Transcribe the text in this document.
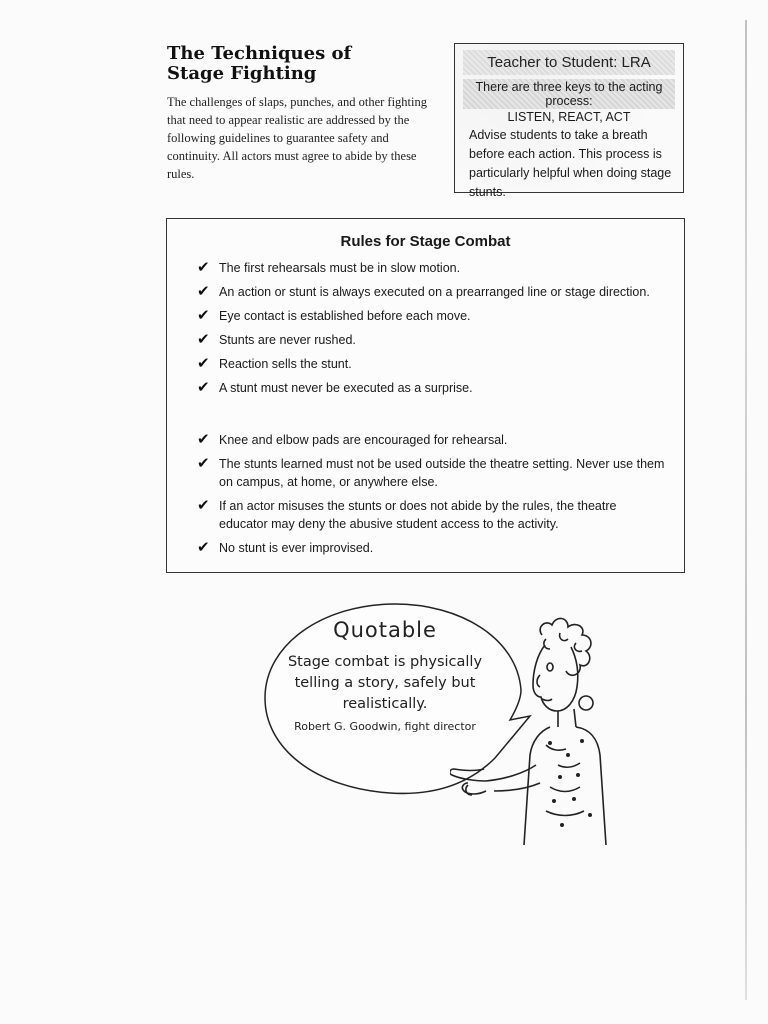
The Techniques of
Stage Fighting

The challenges of slaps, punches, and other fighting that need to appear realistic are addressed by the following guidelines to guarantee safety and continuity. All actors must agree to abide by these rules.

Teacher to Student: LRA
There are three keys to the acting process:
LISTEN, REACT, ACT
Advise students to take a breath before each action. This process is particularly helpful when doing stage stunts.
Rules for Stage Combat
✔ The first rehearsals must be in slow motion.
✔ An action or stunt is always executed on a prearranged line or stage direction.
✔ Eye contact is established before each move.
✔ Stunts are never rushed.
✔ Reaction sells the stunt.
✔ A stunt must never be executed as a surprise.
✔ Knee and elbow pads are encouraged for rehearsal.
✔ The stunts learned must not be used outside the theatre setting. Never use them on campus, at home, or anywhere else.
✔ If an actor misuses the stunts or does not abide by the rules, the theatre educator may deny the abusive student access to the activity.
✔ No stunt is ever improvised.
Quotable
Stage combat is physically telling a story, safely but realistically.
Robert G. Goodwin, fight director
